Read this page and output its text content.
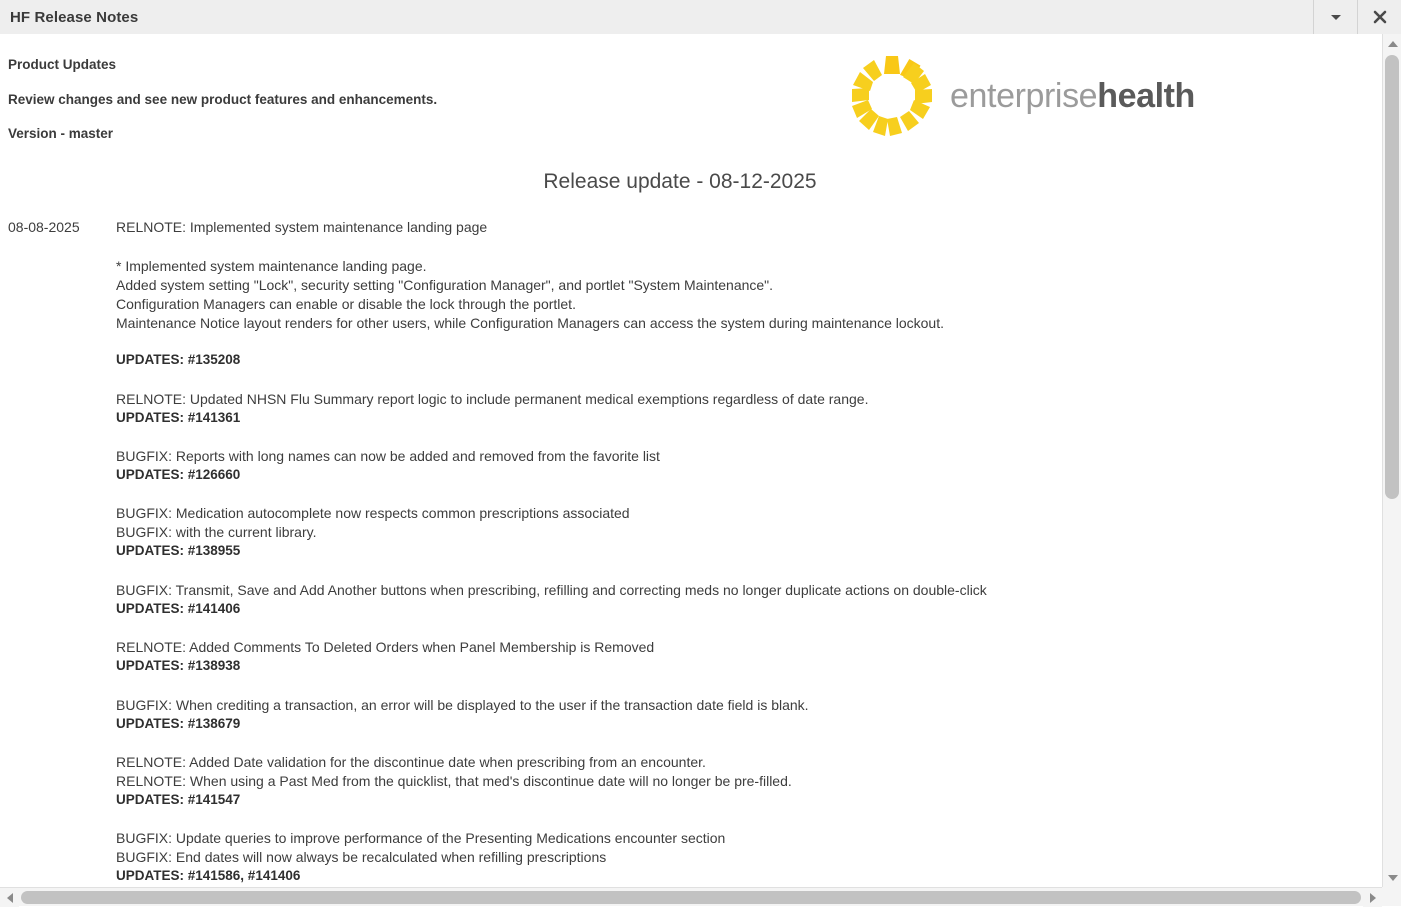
HF Release Notes
enterprisehealth
Product Updates
Review changes and see new product features and enhancements.
Version - master
Release update - 08-12-2025
08-08-2025	RELNOTE: Implemented system maintenance landing page
* Implemented system maintenance landing page.
Added system setting "Lock", security setting "Configuration Manager", and portlet "System Maintenance".
Configuration Managers can enable or disable the lock through the portlet.
Maintenance Notice layout renders for other users, while Configuration Managers can access the system during maintenance lockout.
UPDATES: #135208
RELNOTE: Updated NHSN Flu Summary report logic to include permanent medical exemptions regardless of date range.
UPDATES: #141361
BUGFIX: Reports with long names can now be added and removed from the favorite list
UPDATES: #126660
BUGFIX: Medication autocomplete now respects common prescriptions associated
BUGFIX: with the current library.
UPDATES: #138955
BUGFIX: Transmit, Save and Add Another buttons when prescribing, refilling and correcting meds no longer duplicate actions on double-click
UPDATES: #141406
RELNOTE: Added Comments To Deleted Orders when Panel Membership is Removed
UPDATES: #138938
BUGFIX: When crediting a transaction, an error will be displayed to the user if the transaction date field is blank.
UPDATES: #138679
RELNOTE: Added Date validation for the discontinue date when prescribing from an encounter.
RELNOTE: When using a Past Med from the quicklist, that med's discontinue date will no longer be pre-filled.
UPDATES: #141547
BUGFIX: Update queries to improve performance of the Presenting Medications encounter section
BUGFIX: End dates will now always be recalculated when refilling prescriptions
UPDATES: #141586, #141406
